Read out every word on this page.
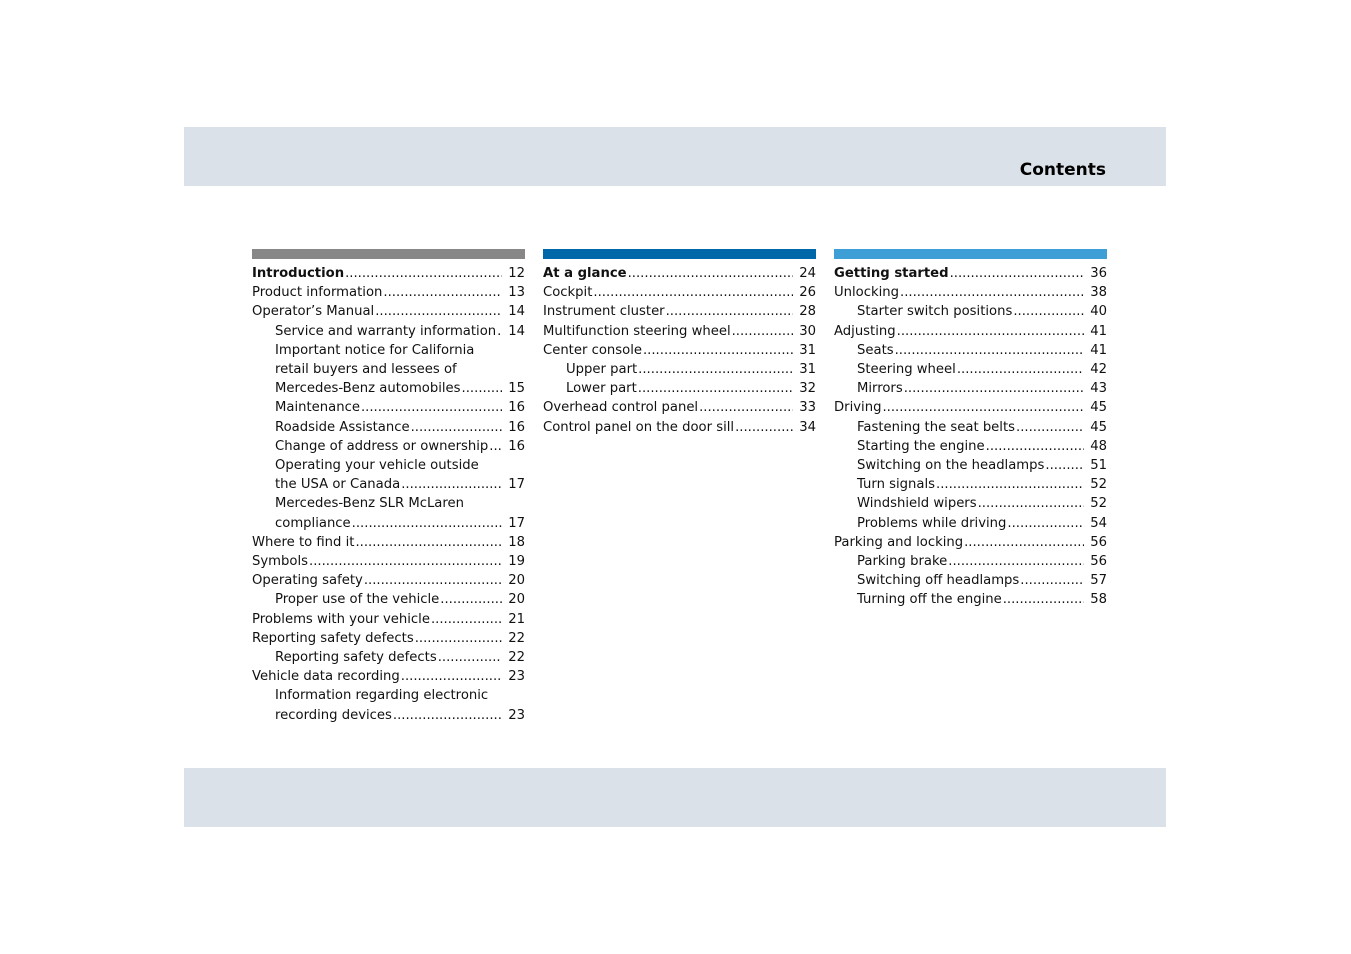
Contents
Introduction .....	12
Product information .....	13
Operator’s Manual .....	14
Service and warranty information ..... 14
Important notice for California
retail buyers and lessees of
Mercedes-Benz automobiles .....	15
Maintenance .....	16
Roadside Assistance .....	16
Change of address or ownership .....	16
Operating your vehicle outside
the USA or Canada .....	17
Mercedes-Benz SLR McLaren
compliance .....	17
Where to find it .....	18
Symbols .....	19
Operating safety .....	20
Proper use of the vehicle .....	20
Problems with your vehicle .....	21
Reporting safety defects .....	22
Reporting safety defects .....	22
Vehicle data recording .....	23
Information regarding electronic
recording devices .....	23
At a glance .....	24
Cockpit .....	26
Instrument cluster .....	28
Multifunction steering wheel .....	30
Center console .....	31
Upper part .....	31
Lower part .....	32
Overhead control panel .....	33
Control panel on the door sill .....	34
Getting started .....	36
Unlocking .....	38
Starter switch positions .....	40
Adjusting .....	41
Seats .....	41
Steering wheel .....	42
Mirrors .....	43
Driving .....	45
Fastening the seat belts .....	45
Starting the engine .....	48
Switching on the headlamps .....	51
Turn signals .....	52
Windshield wipers .....	52
Problems while driving .....	54
Parking and locking .....	56
Parking brake .....	56
Switching off headlamps .....	57
Turning off the engine .....	58
